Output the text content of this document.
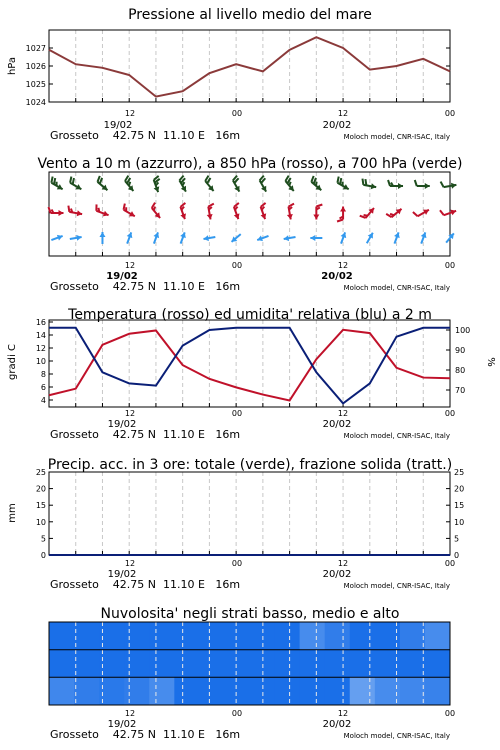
Pressione al livello medio del mare
1024
1025
1026
1027
hPa
12	00	12	00
19/02	20/02
Grosseto    42.75 N  11.10 E   16m	Moloch model, CNR-ISAC, Italy
Vento a 10 m (azzurro), a 850 hPa (rosso), a 700 hPa (verde)
12	00	12	00
19/02	20/02
Grosseto    42.75 N  11.10 E   16m	Moloch model, CNR-ISAC, Italy
Temperatura (rosso) ed umidita' relativa (blu) a 2 m
4
6
8
10
12
14
16
70
80
90
100
gradi C	%
12	00	12	00
19/02	20/02
Grosseto    42.75 N  11.10 E   16m	Moloch model, CNR-ISAC, Italy
Precip. acc. in 3 ore: totale (verde), frazione solida (tratt.)
0
5
10
15
20
25
0
5
10
15
20
25
mm
12	00	12	00
19/02	20/02
Grosseto    42.75 N  11.10 E   16m	Moloch model, CNR-ISAC, Italy
Nuvolosita' negli strati basso, medio e alto
12	00	12	00
19/02	20/02
Grosseto    42.75 N  11.10 E   16m	Moloch model, CNR-ISAC, Italy
